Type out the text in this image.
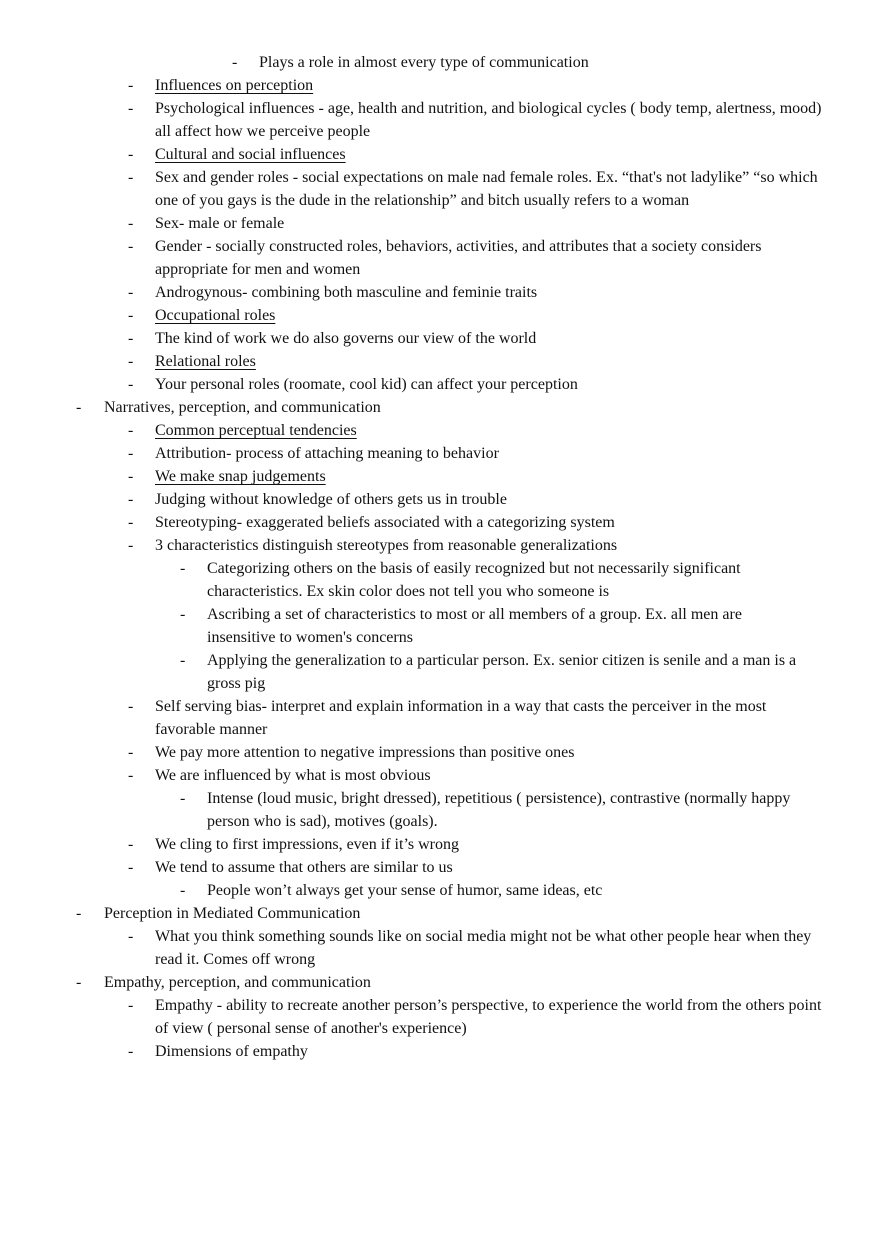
- Plays a role in almost every type of communication
- Influences on perception
- Psychological influences - age, health and nutrition, and biological cycles ( body temp, alertness, mood) all affect how we perceive people
- Cultural and social influences
- Sex and gender roles - social expectations on male nad female roles. Ex. “that's not ladylike” “so which one of you gays is the dude in the relationship” and bitch usually refers to a woman
- Sex- male or female
- Gender - socially constructed roles, behaviors, activities, and attributes that a society considers appropriate for men and women
- Androgynous- combining both masculine and feminie traits
- Occupational roles
- The kind of work we do also governs our view of the world
- Relational roles
- Your personal roles (roomate, cool kid) can affect your perception
- Narratives, perception, and communication
- Common perceptual tendencies
- Attribution- process of attaching meaning to behavior
- We make snap judgements
- Judging without knowledge of others gets us in trouble
- Stereotyping- exaggerated beliefs associated with a categorizing system
- 3 characteristics distinguish stereotypes from reasonable generalizations
- Categorizing others on the basis of easily recognized but not necessarily significant characteristics. Ex skin color does not tell you who someone is
- Ascribing a set of characteristics to most or all members of a group. Ex. all men are insensitive to women's concerns
- Applying the generalization to a particular person. Ex. senior citizen is senile and a man is a gross pig
- Self serving bias- interpret and explain information in a way that casts the perceiver in the most favorable manner
- We pay more attention to negative impressions than positive ones
- We are influenced by what is most obvious
- Intense (loud music, bright dressed), repetitious ( persistence), contrastive (normally happy person who is sad), motives (goals).
- We cling to first impressions, even if it’s wrong
- We tend to assume that others are similar to us
- People won’t always get your sense of humor, same ideas, etc
- Perception in Mediated Communication
- What you think something sounds like on social media might not be what other people hear when they read it. Comes off wrong
- Empathy, perception, and communication
- Empathy - ability to recreate another person’s perspective, to experience the world from the others point of view ( personal sense of another's experience)
- Dimensions of empathy
